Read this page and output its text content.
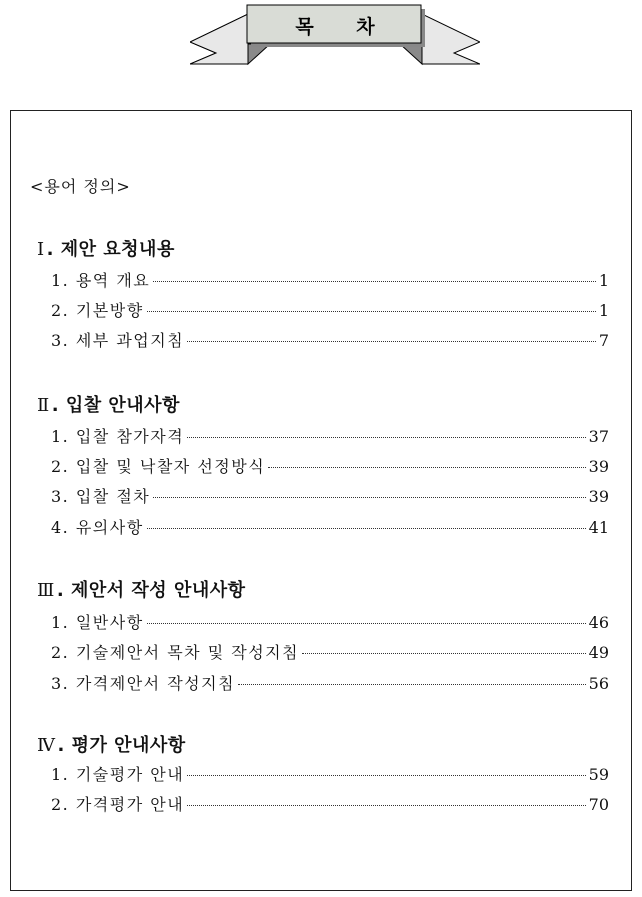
목 차
<용어 정의>
Ⅰ . 제안 요청내용
1. 용역 개요	1
2. 기본방향	1
3. 세부 과업지침	7
Ⅱ . 입찰 안내사항
1. 입찰 참가자격	37
2. 입찰 및 낙찰자 선정방식	39
3. 입찰 절차	39
4. 유의사항	41
Ⅲ . 제안서 작성 안내사항
1. 일반사항	46
2. 기술제안서 목차 및 작성지침	49
3. 가격제안서 작성지침	56
Ⅳ . 평가 안내사항
1. 기술평가 안내	59
2. 가격평가 안내	70
